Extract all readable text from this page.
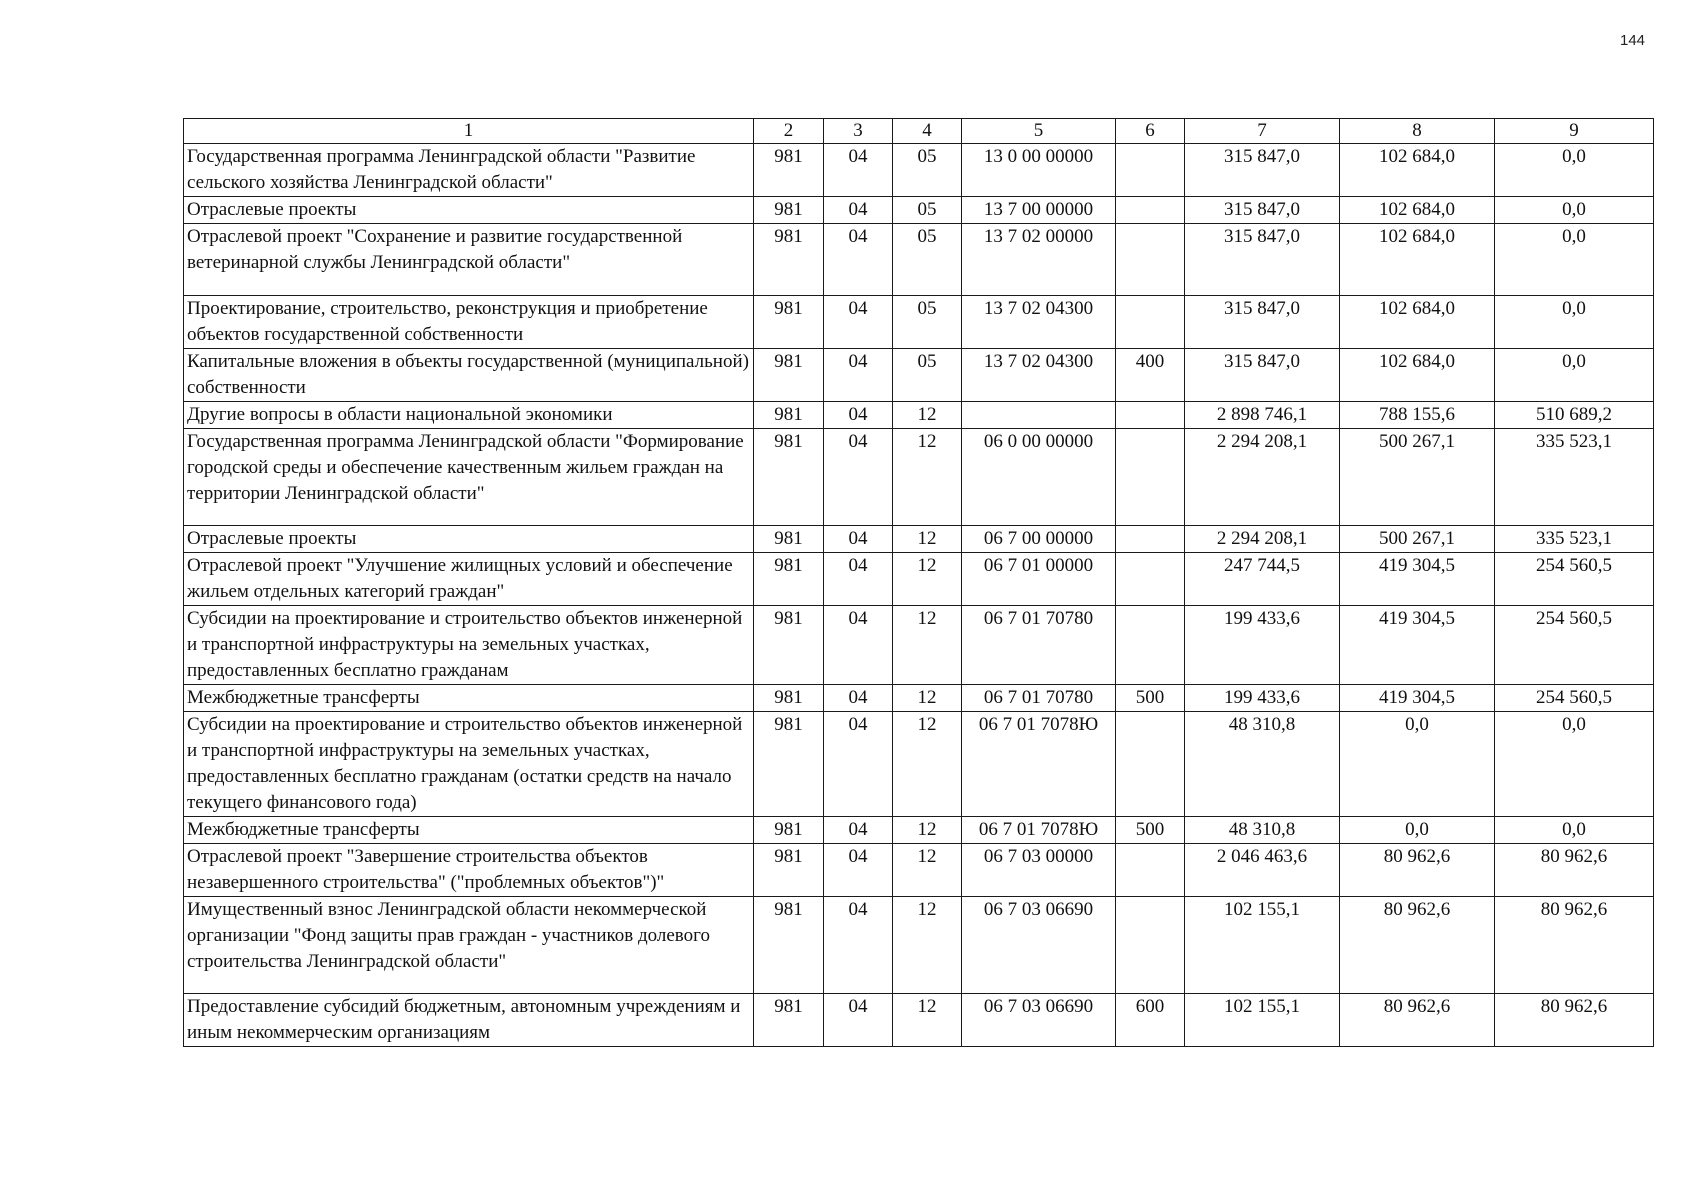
144
1	2	3	4	5	6	7	8	9
Государственная программа Ленинградской области "Развитие сельского хозяйства Ленинградской области"	981	04	05	13 0 00 00000		315 847,0	102 684,0	0,0
Отраслевые проекты	981	04	05	13 7 00 00000		315 847,0	102 684,0	0,0
Отраслевой проект "Сохранение и развитие государственной ветеринарной службы Ленинградской области"	981	04	05	13 7 02 00000		315 847,0	102 684,0	0,0
Проектирование, строительство, реконструкция и приобретение объектов государственной собственности	981	04	05	13 7 02 04300		315 847,0	102 684,0	0,0
Капитальные вложения в объекты государственной (муниципальной) собственности	981	04	05	13 7 02 04300	400	315 847,0	102 684,0	0,0
Другие вопросы в области национальной экономики	981	04	12			2 898 746,1	788 155,6	510 689,2
Государственная программа Ленинградской области "Формирование городской среды и обеспечение качественным жильем граждан на территории Ленинградской области"	981	04	12	06 0 00 00000		2 294 208,1	500 267,1	335 523,1
Отраслевые проекты	981	04	12	06 7 00 00000		2 294 208,1	500 267,1	335 523,1
Отраслевой проект "Улучшение жилищных условий и обеспечение жильем отдельных категорий граждан"	981	04	12	06 7 01 00000		247 744,5	419 304,5	254 560,5
Субсидии на проектирование и строительство объектов инженерной и транспортной инфраструктуры на земельных участках, предоставленных бесплатно гражданам	981	04	12	06 7 01 70780		199 433,6	419 304,5	254 560,5
Межбюджетные трансферты	981	04	12	06 7 01 70780	500	199 433,6	419 304,5	254 560,5
Субсидии на проектирование и строительство объектов инженерной и транспортной инфраструктуры на земельных участках, предоставленных бесплатно гражданам (остатки средств на начало текущего финансового года)	981	04	12	06 7 01 7078Ю		48 310,8	0,0	0,0
Межбюджетные трансферты	981	04	12	06 7 01 7078Ю	500	48 310,8	0,0	0,0
Отраслевой проект "Завершение строительства объектов незавершенного строительства" ("проблемных объектов")"	981	04	12	06 7 03 00000		2 046 463,6	80 962,6	80 962,6
Имущественный взнос Ленинградской области некоммерческой организации "Фонд защиты прав граждан - участников долевого строительства Ленинградской области"	981	04	12	06 7 03 06690		102 155,1	80 962,6	80 962,6
Предоставление субсидий бюджетным, автономным учреждениям и иным некоммерческим организациям	981	04	12	06 7 03 06690	600	102 155,1	80 962,6	80 962,6
